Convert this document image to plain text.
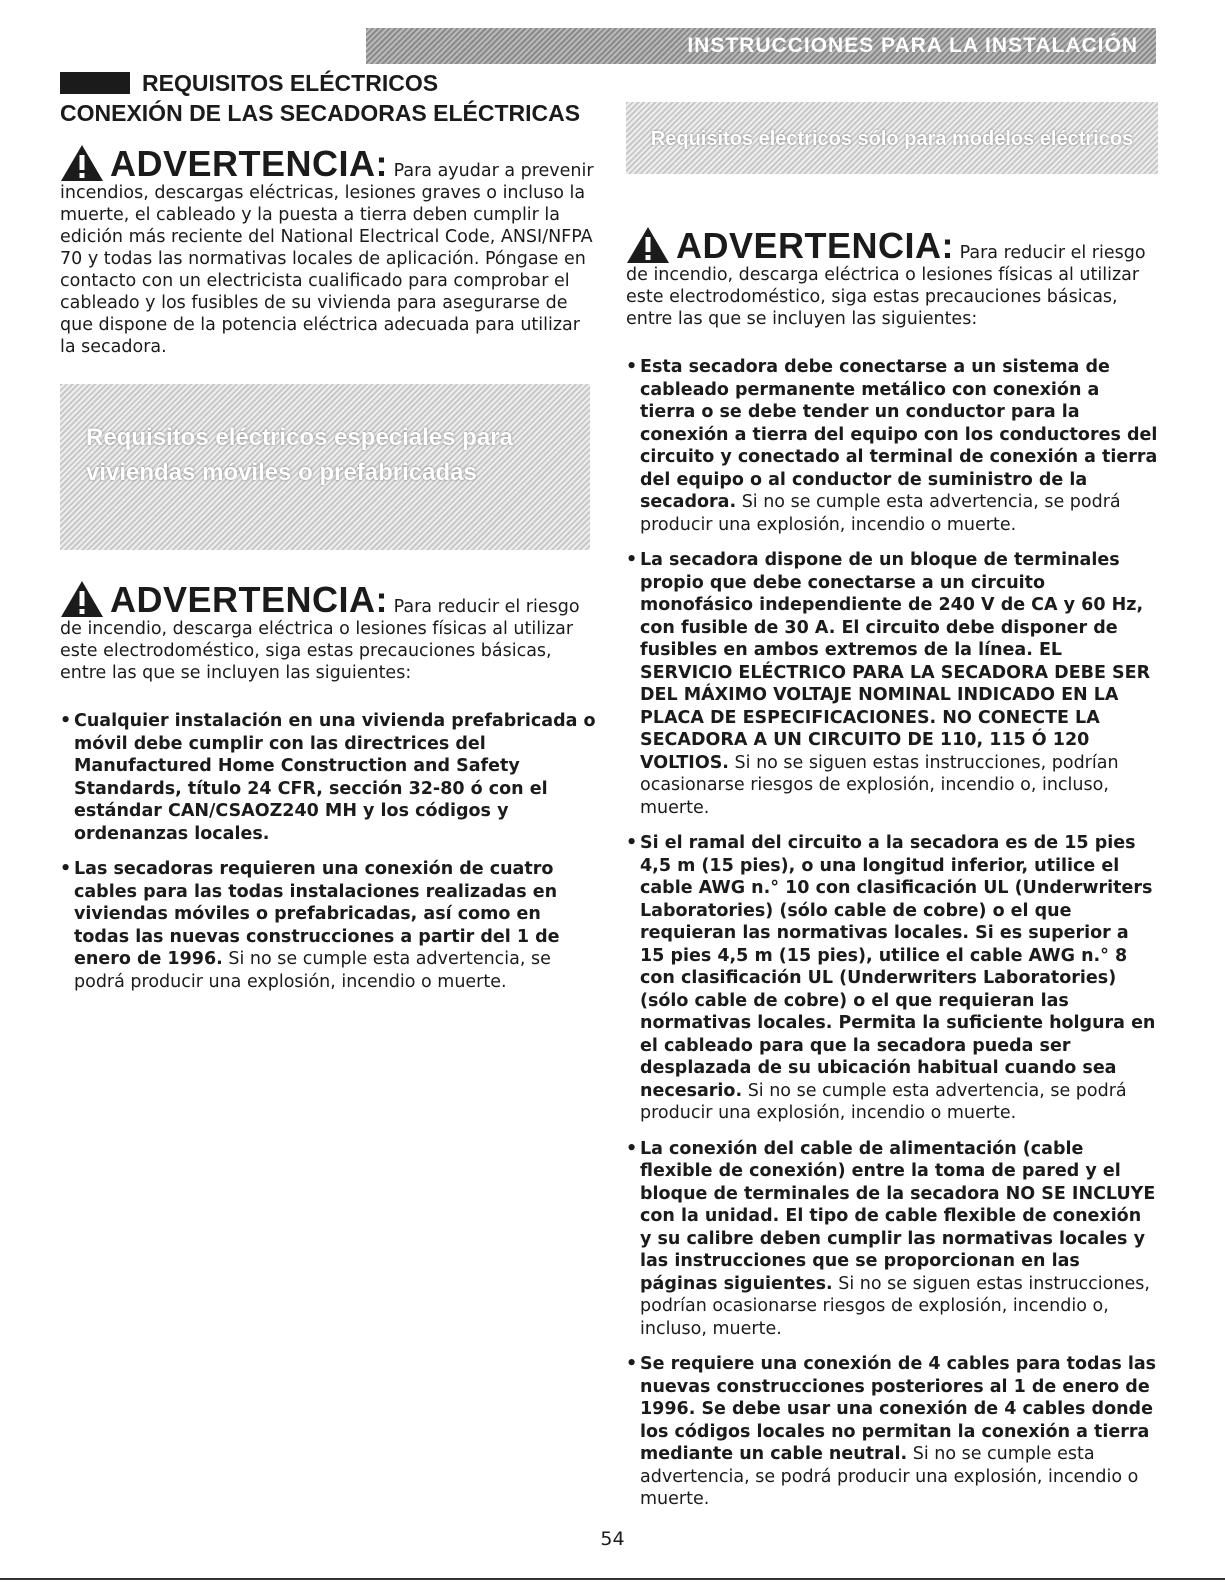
INSTRUCCIONES PARA LA INSTALACIÓN
REQUISITOS ELÉCTRICOS
CONEXIÓN DE LAS SECADORAS ELÉCTRICAS

ADVERTENCIA: Para ayudar a prevenir incendios, descargas eléctricas, lesiones graves o incluso la muerte, el cableado y la puesta a tierra deben cumplir la edición más reciente del National Electrical Code, ANSI/NFPA 70 y todas las normativas locales de aplicación. Póngase en contacto con un electricista cualificado para comprobar el cableado y los fusibles de su vivienda para asegurarse de que dispone de la potencia eléctrica adecuada para utilizar la secadora.

Requisitos eléctricos especiales para
viviendas móviles o prefabricadas

ADVERTENCIA: Para reducir el riesgo de incendio, descarga eléctrica o lesiones físicas al utilizar este electrodoméstico, siga estas precauciones básicas, entre las que se incluyen las siguientes:

• Cualquier instalación en una vivienda prefabricada o móvil debe cumplir con las directrices del Manufactured Home Construction and Safety Standards, título 24 CFR, sección 32-80 ó con el estándar CAN/CSAOZ240 MH y los códigos y ordenanzas locales.
• Las secadoras requieren una conexión de cuatro cables para las todas instalaciones realizadas en viviendas móviles o prefabricadas, así como en todas las nuevas construcciones a partir del 1 de enero de 1996. Si no se cumple esta advertencia, se podrá producir una explosión, incendio o muerte.
Requisitos eléctricos sólo para modelos eléctricos

ADVERTENCIA: Para reducir el riesgo de incendio, descarga eléctrica o lesiones físicas al utilizar este electrodoméstico, siga estas precauciones básicas, entre las que se incluyen las siguientes:

• Esta secadora debe conectarse a un sistema de cableado permanente metálico con conexión a tierra o se debe tender un conductor para la conexión a tierra del equipo con los conductores del circuito y conectado al terminal de conexión a tierra del equipo o al conductor de suministro de la secadora. Si no se cumple esta advertencia, se podrá producir una explosión, incendio o muerte.
• La secadora dispone de un bloque de terminales propio que debe conectarse a un circuito monofásico independiente de 240 V de CA y 60 Hz, con fusible de 30 A. El circuito debe disponer de fusibles en ambos extremos de la línea. EL SERVICIO ELÉCTRICO PARA LA SECADORA DEBE SER DEL MÁXIMO VOLTAJE NOMINAL INDICADO EN LA PLACA DE ESPECIFICACIONES. NO CONECTE LA SECADORA A UN CIRCUITO DE 110, 115 Ó 120 VOLTIOS. Si no se siguen estas instrucciones, podrían ocasionarse riesgos de explosión, incendio o, incluso, muerte.
• Si el ramal del circuito a la secadora es de 15 pies 4,5 m (15 pies), o una longitud inferior, utilice el cable AWG n.° 10 con clasificación UL (Underwriters Laboratories) (sólo cable de cobre) o el que requieran las normativas locales. Si es superior a 15 pies 4,5 m (15 pies), utilice el cable AWG n.° 8 con clasificación UL (Underwriters Laboratories) (sólo cable de cobre) o el que requieran las normativas locales. Permita la suficiente holgura en el cableado para que la secadora pueda ser desplazada de su ubicación habitual cuando sea necesario. Si no se cumple esta advertencia, se podrá producir una explosión, incendio o muerte.
• La conexión del cable de alimentación (cable flexible de conexión) entre la toma de pared y el bloque de terminales de la secadora NO SE INCLUYE con la unidad. El tipo de cable flexible de conexión y su calibre deben cumplir las normativas locales y las instrucciones que se proporcionan en las páginas siguientes. Si no se siguen estas instrucciones, podrían ocasionarse riesgos de explosión, incendio o, incluso, muerte.
• Se requiere una conexión de 4 cables para todas las nuevas construcciones posteriores al 1 de enero de 1996. Se debe usar una conexión de 4 cables donde los códigos locales no permitan la conexión a tierra mediante un cable neutral. Si no se cumple esta advertencia, se podrá producir una explosión, incendio o muerte.
54
